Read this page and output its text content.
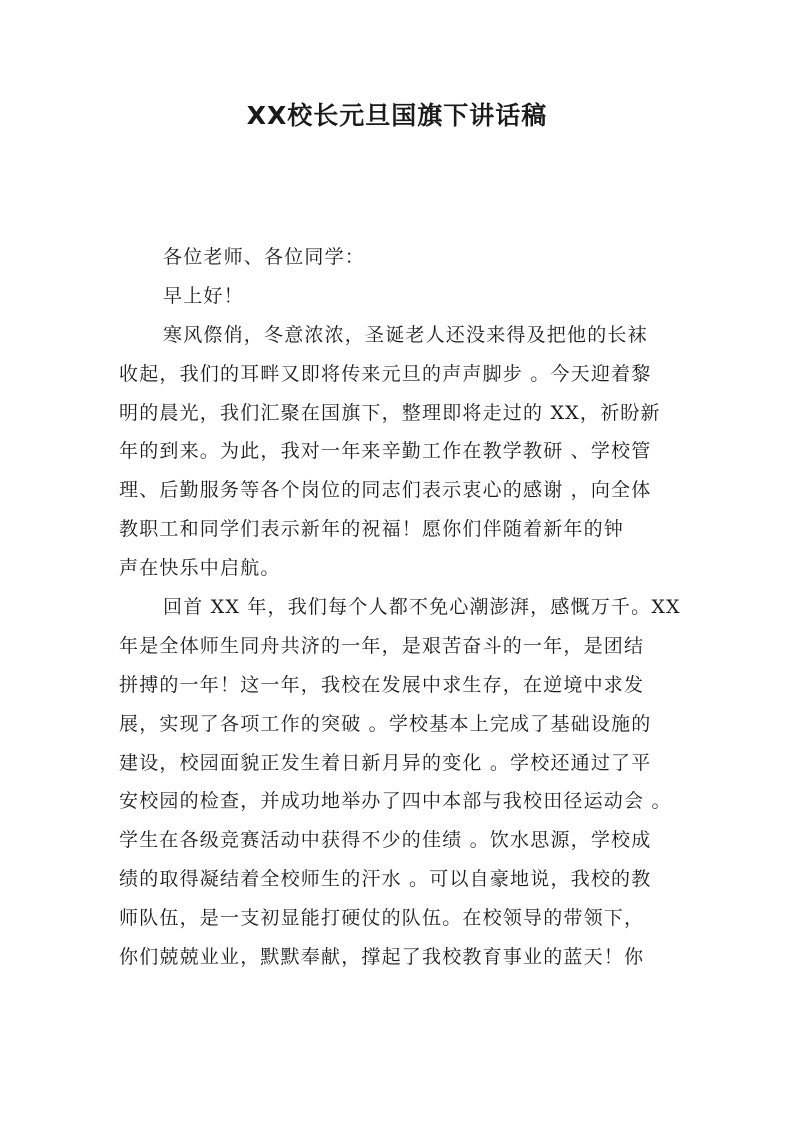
XX校长元旦国旗下讲话稿
各位老师、各位同学：
早上好！
寒风傺俏，冬意浓浓，圣诞老人还没来得及把他的长袜
收起，我们的耳畔又即将传来元旦的声声脚步 。今天迎着黎
明的晨光，我们汇聚在国旗下，整理即将走过的 XX，祈盼新
年的到来。为此，我对一年来辛勤工作在教学教研 、学校管
理、后勤服务等各个岗位的同志们表示衷心的感谢 ，向全体
教职工和同学们表示新年的祝福！愿你们伴随着新年的钟
声在快乐中启航。
回首 XX 年，我们每个人都不免心潮澎湃，感慨万千。XX
年是全体师生同舟共济的一年，是艰苦奋斗的一年，是团结
拼搏的一年！这一年，我校在发展中求生存，在逆境中求发
展，实现了各项工作的突破 。学校基本上完成了基础设施的
建设，校园面貌正发生着日新月异的变化 。学校还通过了平
安校园的检查，并成功地举办了四中本部与我校田径运动会 。
学生在各级竞赛活动中获得不少的佳绩 。饮水思源，学校成
绩的取得凝结着全校师生的汗水 。可以自豪地说，我校的教
师队伍，是一支初显能打硬仗的队伍。在校领导的带领下，
你们兢兢业业，默默奉献，撑起了我校教育事业的蓝天！你
